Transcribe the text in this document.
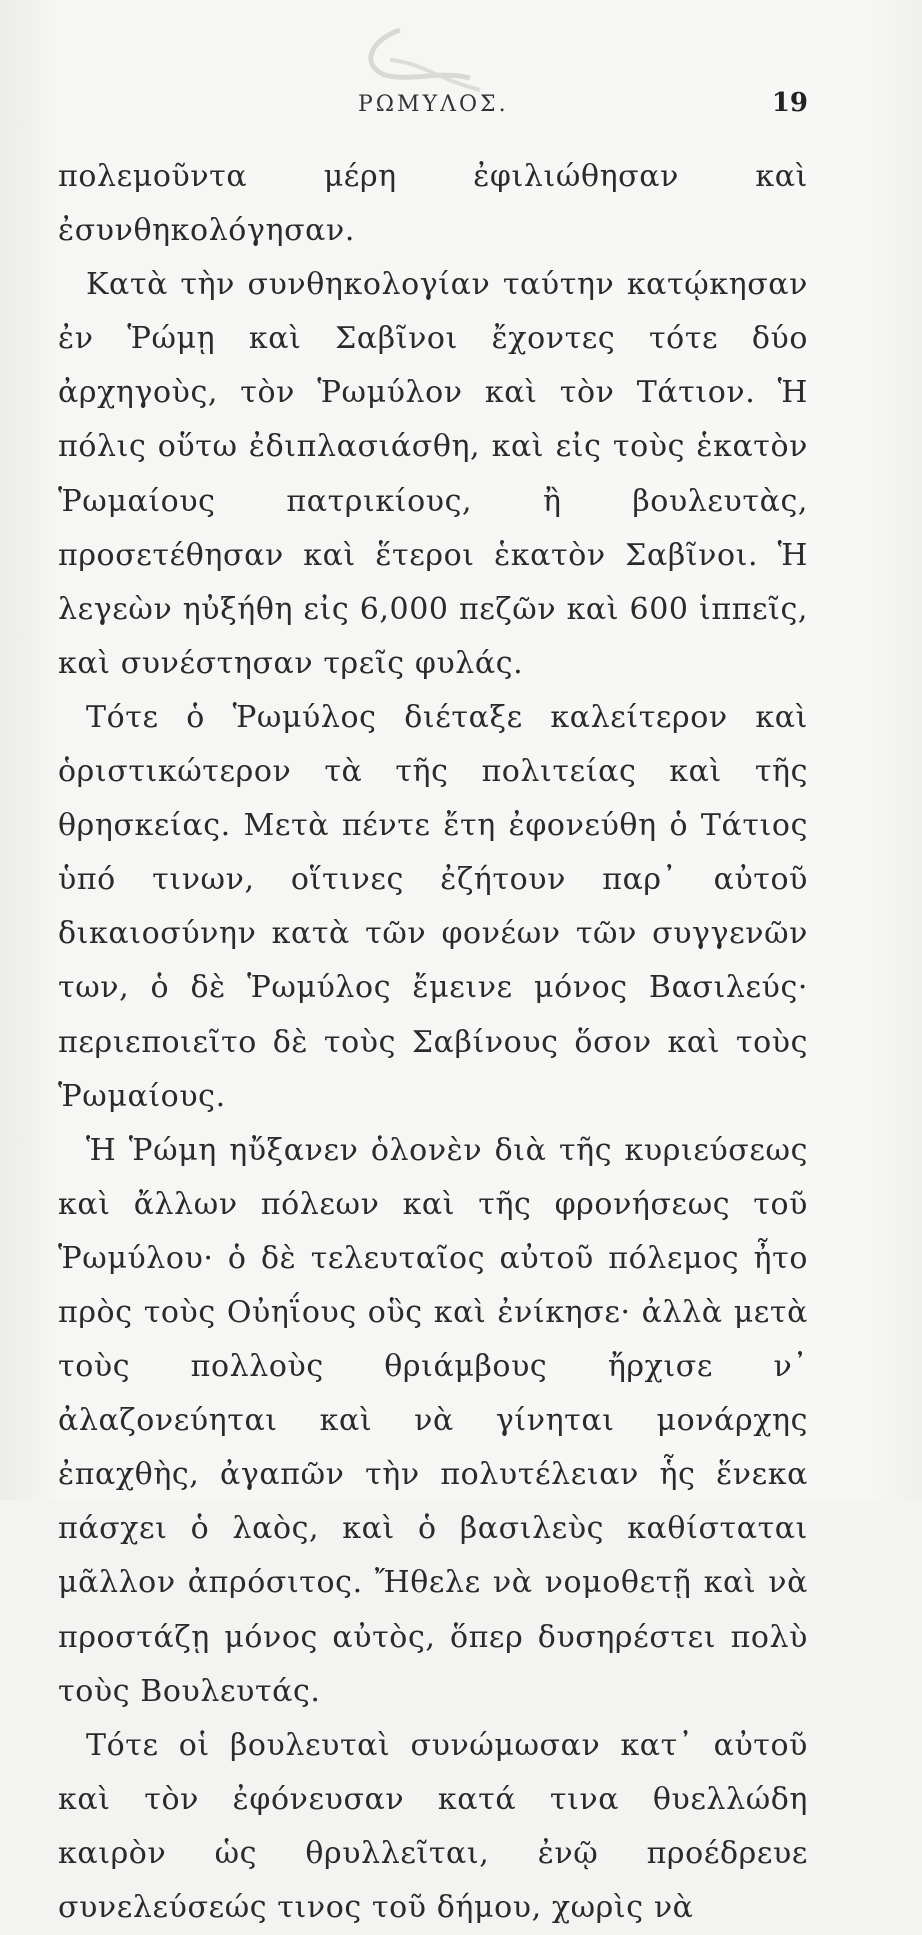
ΡΩΜΥΛΟΣ.	19

πολεμοῦντα μέρη ἐφιλιώθησαν καὶ ἐσυνθηκολόγησαν.

Κατὰ τὴν συνθηκολογίαν ταύτην κατῴκησαν ἐν Ῥώμῃ καὶ Σαβῖνοι ἔχοντες τότε δύο ἀρχηγοὺς, τὸν Ῥωμύλον καὶ τὸν Τάτιον. Ἡ πόλις οὕτω ἐδιπλασιάσθη, καὶ εἰς τοὺς ἑκατὸν Ῥωμαίους πατρικίους, ἢ βουλευτὰς, προσετέθησαν καὶ ἕτεροι ἑκατὸν Σαβῖνοι. Ἡ λεγεὼν ηὐξήθη εἰς 6,000 πεζῶν καὶ 600 ἱππεῖς, καὶ συνέστησαν τρεῖς φυλάς.

Τότε ὁ Ῥωμύλος διέταξε καλείτερον καὶ ὁριστικώτερον τὰ τῆς πολιτείας καὶ τῆς θρησκείας. Μετὰ πέντε ἔτη ἐφονεύθη ὁ Τάτιος ὑπό τινων, οἵτινες ἐζήτουν παρ᾽ αὐτοῦ δικαιοσύνην κατὰ τῶν φονέων τῶν συγγενῶν των, ὁ δὲ Ῥωμύλος ἔμεινε μόνος Βασιλεύς· περιεποιεῖτο δὲ τοὺς Σαβίνους ὅσον καὶ τοὺς Ῥωμαίους.

Ἡ Ῥώμη ηὔξανεν ὁλονὲν διὰ τῆς κυριεύσεως καὶ ἄλλων πόλεων καὶ τῆς φρονήσεως τοῦ Ῥωμύλου· ὁ δὲ τελευταῖος αὐτοῦ πόλεμος ἦτο πρὸς τοὺς Οὐηΐους οὓς καὶ ἐνίκησε· ἀλλὰ μετὰ τοὺς πολλοὺς θριάμβους ἤρχισε ν᾽ ἀλαζονεύηται καὶ νὰ γίνηται μονάρχης ἐπαχθὴς, ἀγαπῶν τὴν πολυτέλειαν ἧς ἕνεκα πάσχει ὁ λαὸς, καὶ ὁ βασιλεὺς καθίσταται μᾶλλον ἀπρόσιτος. Ἤθελε νὰ νομοθετῇ καὶ νὰ προστάζῃ μόνος αὐτὸς, ὅπερ δυσηρέστει πολὺ τοὺς Βουλευτάς.

Τότε οἱ βουλευταὶ συνώμωσαν κατ᾽ αὐτοῦ καὶ τὸν ἐφόνευσαν κατά τινα θυελλώδη καιρὸν ὡς θρυλλεῖται, ἐνῷ προέδρευε συνελεύσεώς τινος τοῦ δήμου, χωρὶς νὰ
